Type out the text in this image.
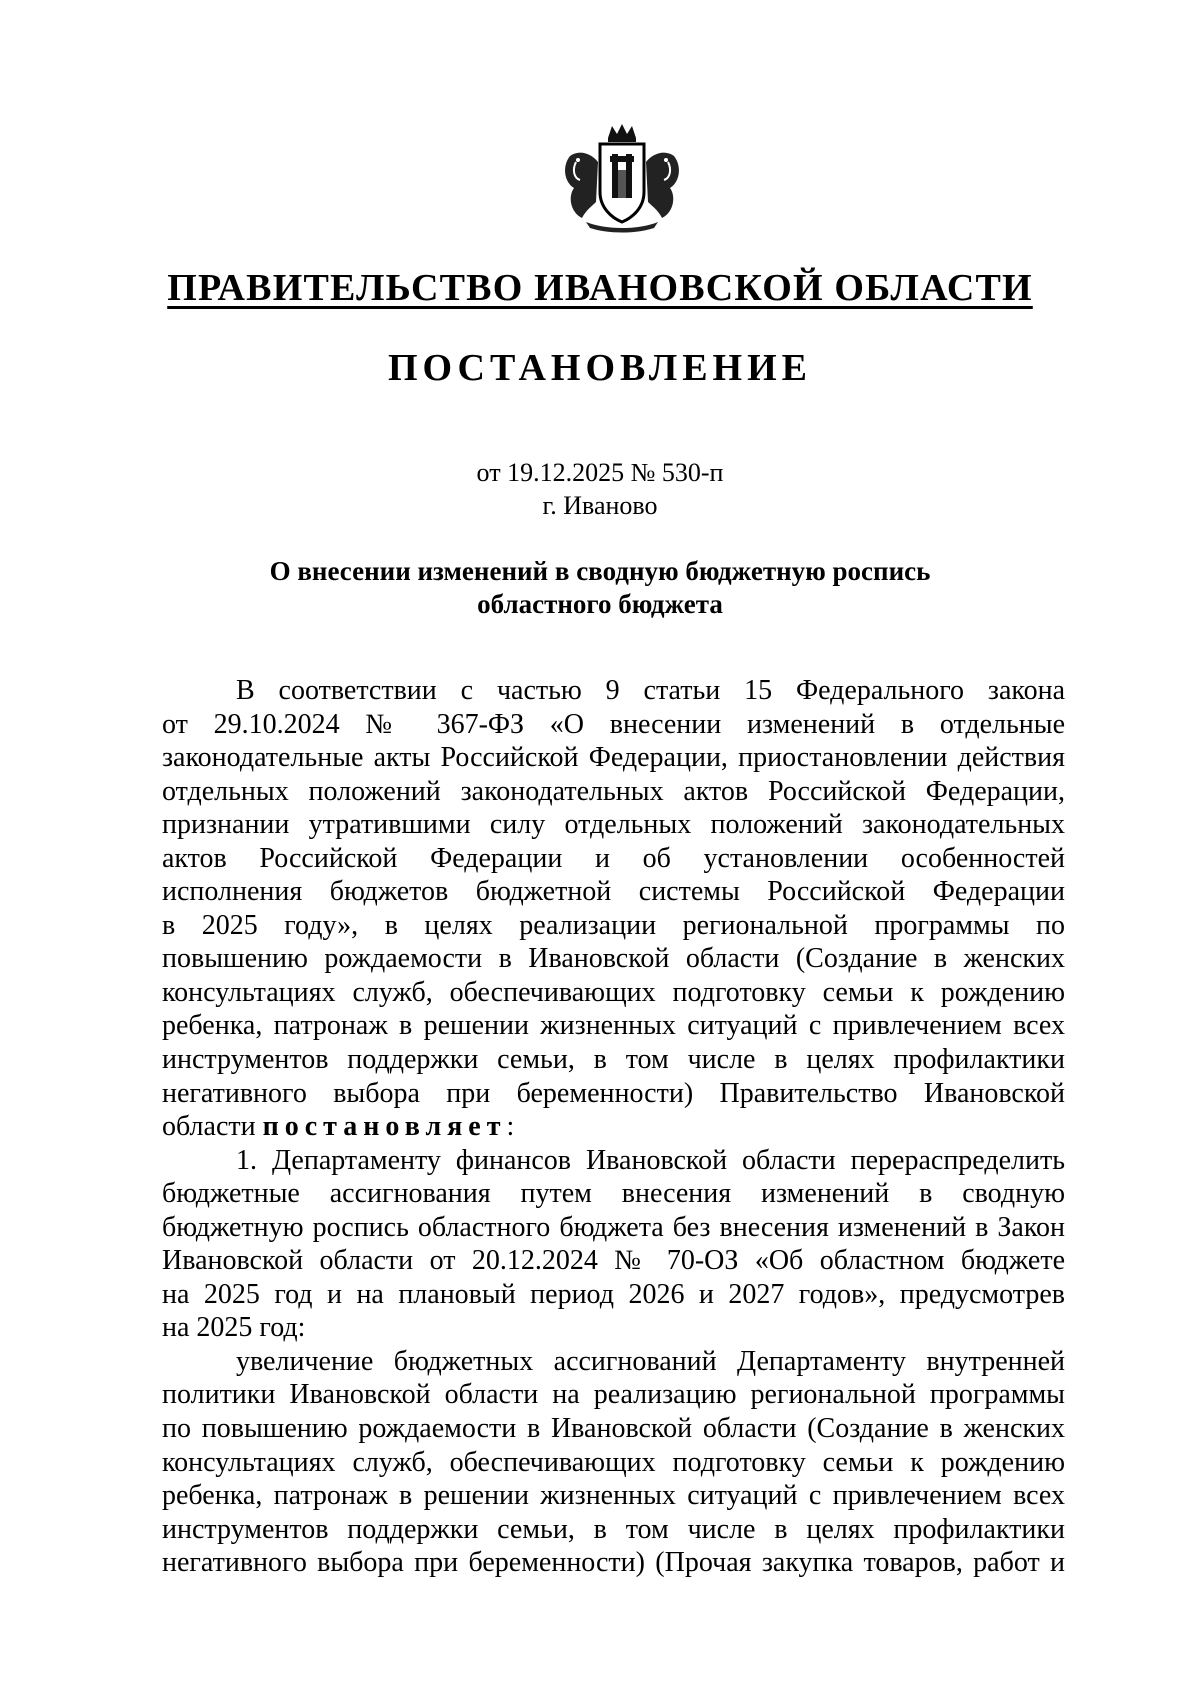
ПРАВИТЕЛЬСТВО ИВАНОВСКОЙ ОБЛАСТИ
ПОСТАНОВЛЕНИЕ
от 19.12.2025 № 530-п
г. Иваново
О внесении изменений в сводную бюджетную роспись
областного бюджета
В соответствии с частью 9 статьи 15 Федерального закона
от 29.10.2024 № 367-ФЗ «О внесении изменений в отдельные
законодательные акты Российской Федерации, приостановлении действия
отдельных положений законодательных актов Российской Федерации,
признании утратившими силу отдельных положений законодательных
актов Российской Федерации и об установлении особенностей
исполнения бюджетов бюджетной системы Российской Федерации
в 2025 году», в целях реализации региональной программы по
повышению рождаемости в Ивановской области (Создание в женских
консультациях служб, обеспечивающих подготовку семьи к рождению
ребенка, патронаж в решении жизненных ситуаций с привлечением всех
инструментов поддержки семьи, в том числе в целях профилактики
негативного выбора при беременности) Правительство Ивановской
области постановляет:
1. Департаменту финансов Ивановской области перераспределить
бюджетные ассигнования путем внесения изменений в сводную
бюджетную роспись областного бюджета без внесения изменений в Закон
Ивановской области от 20.12.2024 № 70-ОЗ «Об областном бюджете
на 2025 год и на плановый период 2026 и 2027 годов», предусмотрев
на 2025 год:
увеличение бюджетных ассигнований Департаменту внутренней
политики Ивановской области на реализацию региональной программы
по повышению рождаемости в Ивановской области (Создание в женских
консультациях служб, обеспечивающих подготовку семьи к рождению
ребенка, патронаж в решении жизненных ситуаций с привлечением всех
инструментов поддержки семьи, в том числе в целях профилактики
негативного выбора при беременности) (Прочая закупка товаров, работ и
